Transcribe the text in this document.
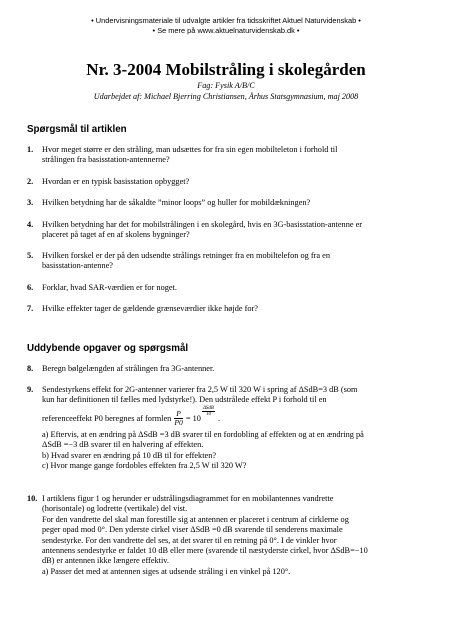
• Undervisningsmateriale til udvalgte artikler fra tidsskriftet Aktuel Naturvidenskab •
• Se mere på www.aktuelnaturvidenskab.dk •
Nr. 3-2004 Mobilstråling i skolegården
Fag: Fysik A/B/C
Udarbejdet af: Michael Bjerring Christiansen, Århus Statsgymnasium, maj 2008
Spørgsmål til artiklen
1. Hvor meget større er den stråling, man udsættes for fra sin egen mobilteleton i forhold til
strålingen fra basisstation-antennerne?
2. Hvordan er en typisk basisstation opbygget?
3. Hvilken betydning har de såkaldte ”minor loops” og huller for mobildækningen?
4. Hvilken betydning har det for mobilstrålingen i en skolegård, hvis en 3G-basisstation-antenne er
placeret på taget af en af skolens bygninger?
5. Hvilken forskel er der på den udsendte strålings retninger fra en mobiltelefon og fra en
basisstation-antenne?
6. Forklar, hvad SAR-værdien er for noget.
7. Hvilke effekter tager de gældende grænseværdier ikke højde for?
Uddybende opgaver og spørgsmål
8. Beregn bølgelængden af strålingen fra 3G-antenner.
9. Sendestyrkens effekt for 2G-antenner varierer fra 2,5 W til 320 W i spring af ΔSdB=3 dB (som
kun har definitionen til fælles med lydstyrke!). Den udstrålede effekt P i forhold til en
referenceeffekt P0 beregnes af formlen $\frac{P}{P0} = 10$
ΔSdB
10 .
a) Eftervis, at en ændring på ΔSdB =3 dB svarer til en fordobling af effekten og at en ændring på
ΔSdB =−3 dB svarer til en halvering af effekten.
b) Hvad svarer en ændring på 10 dB til for effekten?
c) Hvor mange gange fordobles effekten fra 2,5 W til 320 W?
10. I artiklens figur 1 og herunder er udstrålingsdiagrammet for en mobilantennes vandrette
(horisontale) og lodrette (vertikale) del vist.
For den vandrette del skal man forestille sig at antennen er placeret i centrum af cirklerne og
peger opad mod 0°. Den yderste cirkel viser ΔSdB =0 dB svarende til senderens maximale
sendestyrke. For den vandrette del ses, at det svarer til en retning på 0°. I de vinkler hvor
antennens sendestyrke er faldet 10 dB eller mere (svarende til næstyderste cirkel, hvor ΔSdB=−10
dB) er antennen ikke længere effektiv.
a) Passer det med at antennen siges at udsende stråling i en vinkel på 120°.
